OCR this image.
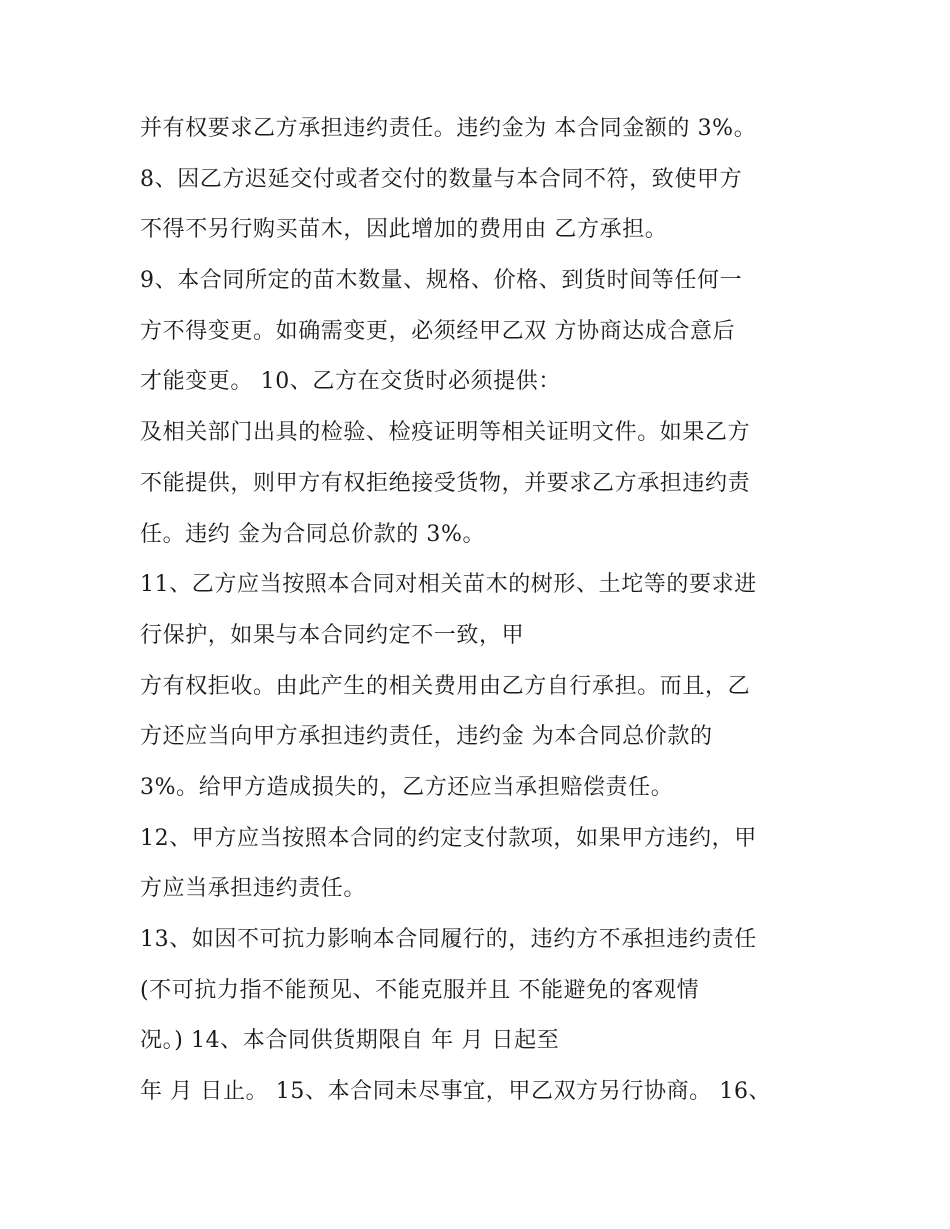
并有权要求乙方承担违约责任。违约金为 本合同金额的 3%。
8、因乙方迟延交付或者交付的数量与本合同不符，致使甲方
不得不另行购买苗木，因此增加的费用由 乙方承担。
9、本合同所定的苗木数量、规格、价格、到货时间等任何一
方不得变更。如确需变更，必须经甲乙双 方协商达成合意后
才能变更。 10、乙方在交货时必须提供：
及相关部门出具的检验、检疫证明等相关证明文件。如果乙方
不能提供，则甲方有权拒绝接受货物，并要求乙方承担违约责
任。违约 金为合同总价款的 3%。
11、乙方应当按照本合同对相关苗木的树形、土坨等的要求进
行保护，如果与本合同约定不一致，甲
方有权拒收。由此产生的相关费用由乙方自行承担。而且，乙
方还应当向甲方承担违约责任，违约金 为本合同总价款的
3%。给甲方造成损失的，乙方还应当承担赔偿责任。
12、甲方应当按照本合同的约定支付款项，如果甲方违约，甲
方应当承担违约责任。
13、如因不可抗力影响本合同履行的，违约方不承担违约责任
(不可抗力指不能预见、不能克服并且 不能避免的客观情
况。) 14、本合同供货期限自 年 月 日起至
年 月 日止。 15、本合同未尽事宜，甲乙双方另行协商。 16、
